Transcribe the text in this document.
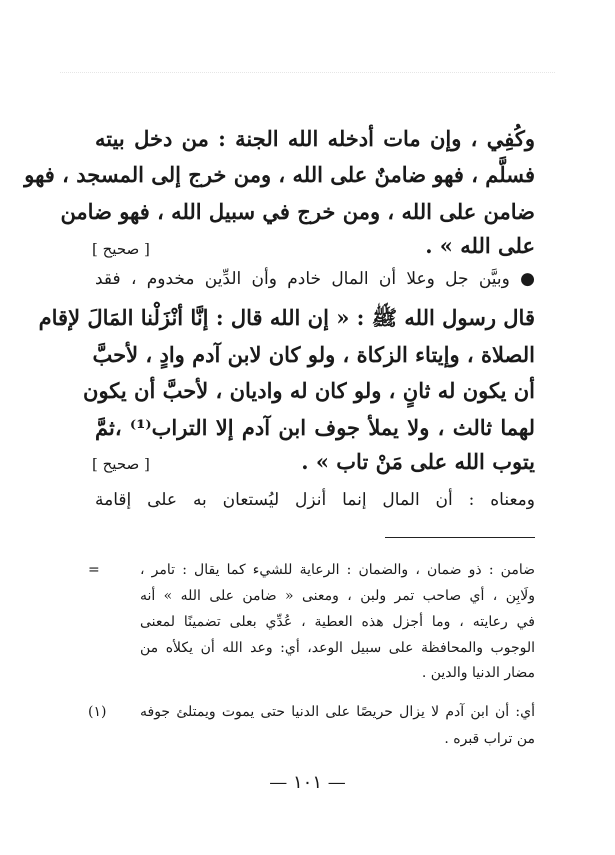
وكُفِي ، وإن مات أدخله الله الجنة : من دخل بيته
فسلَّم ، فهو ضامنٌ على الله ، ومن خرج إلى المسجد ، فهو
ضامن على الله ، ومن خرج في سبيل الله ، فهو ضامن
على الله » .
[ صحيح ]
● وبيَّن جل وعلا أن المال خادم وأن الدِّين مخدوم ، فقد
قال رسول الله ﷺ : « إن الله قال : إنَّا أنْزَلْنا المَالَ لإقام
الصلاة ، وإيتاء الزكاة ، ولو كان لابن آدم وادٍ ، لأحبَّ
أن يكون له ثانٍ ، ولو كان له واديان ، لأحبَّ أن يكون
لهما ثالث ، ولا يملأ جوف ابن آدم إلا التراب⁽¹⁾ ،ثمَّ
يتوب الله على مَنْ تاب » .
[ صحيح ]
ومعناه : أن المال إنما أنزل ليُستعان به على إقامة
=	ضامن : ذو ضمان ، والضمان : الرعاية للشيء كما يقال : تامر ،
ولَابِن ، أي صاحب تمر ولبن ، ومعنى « ضامن على الله » أنه
في رعايته ، وما أجزل هذه العطية ، عُدِّي بعلى تضمينًا لمعنى
الوجوب والمحافظة على سبيل الوعد، أي: وعد الله أن يكلأه من
مضار الدنيا والدين .
(١)	أي: أن ابن آدم لا يزال حريصًا على الدنيا حتى يموت ويمتلئ جوفه
من تراب قبره .
— ١٠١ —
